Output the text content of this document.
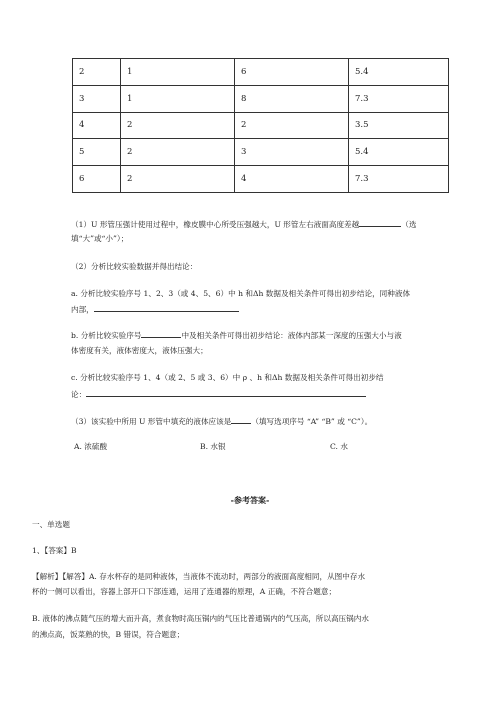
2	1	6	5.4
3	1	8	7.3
4	2	2	3.5
5	2	3	5.4
6	2	4	7.3
（1）U 形管压强计使用过程中，橡皮膜中心所受压强越大，U 形管左右液面高度差越	（选
填“大”或“小”）；
（2）分析比较实验数据并得出结论：
a. 分析比较实验序号 1、2、3（或 4、5、6）中 h 和Δh 数据及相关条件可得出初步结论，同种液体
内部，
b. 分析比较实验序号	中及相关条件可得出初步结论：液体内部某一深度的压强大小与液
体密度有关，液体密度大，液体压强大；
c. 分析比较实验序号 1、4（或 2、5 或 3、6）中 ρ 、h 和Δh 数据及相关条件可得出初步结
论：
（3）该实验中所用 U 形管中填充的液体应该是	（填写选项序号 “A” “B” 或 “C”）。
A. 浓硫酸	B. 水银	C. 水
-参考答案-
一、单选题
1、【答案】B
【解析】【解答】A. 存水杯存的是同种液体，当液体不流动时，两部分的液面高度相同，从图中存水
杯的一侧可以看出，容器上部开口下部连通，运用了连通器的原理，A 正确，不符合题意；
B. 液体的沸点随气压的增大而升高，煮食物时高压锅内的气压比普通锅内的气压高，所以高压锅内水
的沸点高，饭菜熟的快，B 错误，符合题意；
